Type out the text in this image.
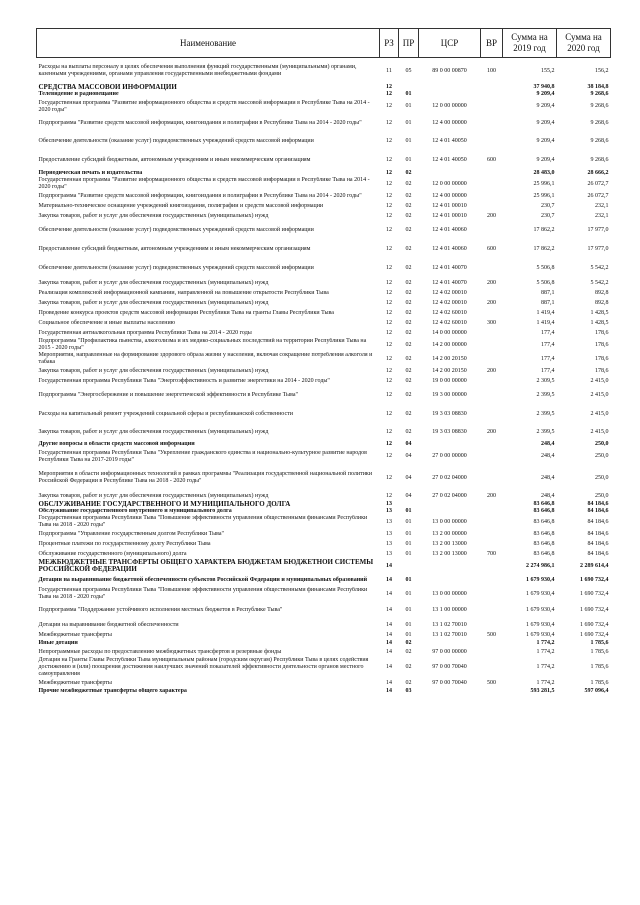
Наименование	РЗ	ПР	ЦСР	ВР	Сумма на 2019 год	Сумма на 2020 год
Расходы на выплаты персоналу в целях обеспечения выполнения функций государственными (муниципальными) органами, казенными учреждениями, органами управления государственными внебюджетными фондами	11	05	89 0 00 00870	100	155,2	156,2
СРЕДСТВА МАССОВОЙ ИНФОРМАЦИИ	12				37 940,8	38 184,8
Телевидение и радиовещание	12	01			9 209,4	9 268,6
Государственная программа "Развитие информационного общества и средств массовой информации в Республике Тыва на 2014 - 2020 годы"	12	01	12 0 00 00000		9 209,4	9 268,6
Подпрограмма "Развитие средств массовой информации, книгоиздания и полиграфии в Республике Тыва на 2014 - 2020 годы"	12	01	12 4 00 00000		9 209,4	9 268,6
Обеспечение деятельности (оказание услуг) подведомственных учреждений средств массовой информации	12	01	12 4 01 40050		9 209,4	9 268,6
Предоставление субсидий бюджетным, автономным учреждениям и иным некоммерческим организациям	12	01	12 4 01 40050	600	9 209,4	9 268,6
Периодическая печать и издательства	12	02			28 483,0	28 666,2
Государственная программа "Развитие информационного общества и средств массовой информации в Республике Тыва на 2014 - 2020 годы"	12	02	12 0 00 00000		25 996,1	26 072,7
Подпрограмма "Развитие средств массовой информации, книгоиздания и полиграфии в Республике Тыва на 2014 - 2020 годы"	12	02	12 4 00 00000		25 996,1	26 072,7
Материально-техническое оснащение учреждений книгоиздания, полиграфии и средств массовой информации	12	02	12 4 01 00010		230,7	232,1
Закупка товаров, работ и услуг для обеспечения государственных (муниципальных) нужд	12	02	12 4 01 00010	200	230,7	232,1
Обеспечение деятельности (оказание услуг) подведомственных учреждений средств массовой информации	12	02	12 4 01 40060		17 862,2	17 977,0
Предоставление субсидий бюджетным, автономным учреждениям и иным некоммерческим организациям	12	02	12 4 01 40060	600	17 862,2	17 977,0
Обеспечение деятельности (оказание услуг) подведомственных учреждений средств массовой информации	12	02	12 4 01 40070		5 506,8	5 542,2
Закупка товаров, работ и услуг для обеспечения государственных (муниципальных) нужд	12	02	12 4 01 40070	200	5 506,8	5 542,2
Реализация комплексной информационной кампании, направленной на повышение открытости Республики Тыва	12	02	12 4 02 00010		887,1	892,8
Закупка товаров, работ и услуг для обеспечения государственных (муниципальных) нужд	12	02	12 4 02 00010	200	887,1	892,8
Проведение конкурса проектов средств массовой информации Республики Тыва на гранты Главы Республики Тыва	12	02	12 4 02 60010		1 419,4	1 428,5
Социальное обеспечение и иные выплаты населению	12	02	12 4 02 60010	300	1 419,4	1 428,5
Государственная антиалкогольная программа Республики Тыва на 2014 - 2020 годы	12	02	14 0 00 00000		177,4	178,6
Подпрограмма "Профилактика пьянства, алкоголизма и их медико-социальных последствий на территории Республики Тыва на 2015 - 2020 годы"	12	02	14 2 00 00000		177,4	178,6
Мероприятия, направленные на формирование здорового образа жизни у населения, включая сокращение потребления алкоголя и табака	12	02	14 2 00 20150		177,4	178,6
Закупка товаров, работ и услуг для обеспечения государственных (муниципальных) нужд	12	02	14 2 00 20150	200	177,4	178,6
Государственная программа Республики Тыва "Энергоэффективность и развитие энергетики на 2014 - 2020 годы"	12	02	19 0 00 00000		2 309,5	2 415,0
Подпрограмма "Энергосбережение и повышение энергетической эффективности в Республике Тыва"	12	02	19 3 00 00000		2 399,5	2 415,0
Расходы на капитальный ремонт учреждений социальной сферы и республиканской собственности	12	02	19 3 03 08830		2 399,5	2 415,0
Закупка товаров, работ и услуг для обеспечения государственных (муниципальных) нужд	12	02	19 3 03 08830	200	2 399,5	2 415,0
Другие вопросы в области средств массовой информации	12	04			248,4	250,0
Государственная программа Республики Тыва "Укрепление гражданского единства и национально-культурное развитие народов Республики Тыва на 2017-2019 годы"	12	04	27 0 00 00000		248,4	250,0
Мероприятия в области информационных технологий в рамках программы "Реализация государственной национальной политики Российской Федерации в Республике Тыва на 2018 - 2020 годы"	12	04	27 0 02 04000		248,4	250,0
Закупка товаров, работ и услуг для обеспечения государственных (муниципальных) нужд	12	04	27 0 02 04000	200	248,4	250,0
ОБСЛУЖИВАНИЕ ГОСУДАРСТВЕННОГО И МУНИЦИПАЛЬНОГО ДОЛГА	13				83 646,8	84 184,6
Обслуживание государственного внутреннего и муниципального долга	13	01			83 646,8	84 184,6
Государственная программа Республики Тыва "Повышение эффективности управления общественными финансами Республики Тыва на 2018 - 2020 годы"	13	01	13 0 00 00000		83 646,8	84 184,6
Подпрограмма "Управление государственным долгом Республики Тыва"	13	01	13 2 00 00000		83 646,8	84 184,6
Процентные платежи по государственному долгу Республики Тыва	13	01	13 2 00 13000		83 646,8	84 184,6
Обслуживание государственного (муниципального) долга	13	01	13 2 00 13000	700	83 646,8	84 184,6
МЕЖБЮДЖЕТНЫЕ ТРАНСФЕРТЫ ОБЩЕГО ХАРАКТЕРА БЮДЖЕТАМ БЮДЖЕТНОЙ СИСТЕМЫ РОССИЙСКОЙ ФЕДЕРАЦИИ	14				2 274 986,1	2 289 614,4
Дотации на выравнивание бюджетной обеспеченности субъектов Российской Федерации и муниципальных образований	14	01			1 679 930,4	1 690 732,4
Государственная программа Республики Тыва "Повышение эффективности управления общественными финансами Республики Тыва на 2018 - 2020 годы"	14	01	13 0 00 00000		1 679 930,4	1 690 732,4
Подпрограмма "Поддержание устойчивого исполнения местных бюджетов в Республике Тыва"	14	01	13 1 00 00000		1 679 930,4	1 690 732,4
Дотации на выравнивание бюджетной обеспеченности	14	01	13 1 02 70010		1 679 930,4	1 690 732,4
Межбюджетные трансферты	14	01	13 1 02 70010	500	1 679 930,4	1 690 732,4
Иные дотации	14	02			1 774,2	1 785,6
Непрограммные расходы по предоставлению межбюджетных трансфертов и резервные фонды	14	02	97 0 00 00000		1 774,2	1 785,6
Дотация на Гранты Главы Республики Тыва муниципальным районам (городским округам) Республики Тыва в целях содействия достижению и (или) поощрения достижения наилучших значений показателей эффективности деятельности органов местного самоуправления	14	02	97 0 00 70040		1 774,2	1 785,6
Межбюджетные трансферты	14	02	97 0 00 70040	500	1 774,2	1 785,6
Прочие межбюджетные трансферты общего характера	14	03			593 281,5	597 096,4
